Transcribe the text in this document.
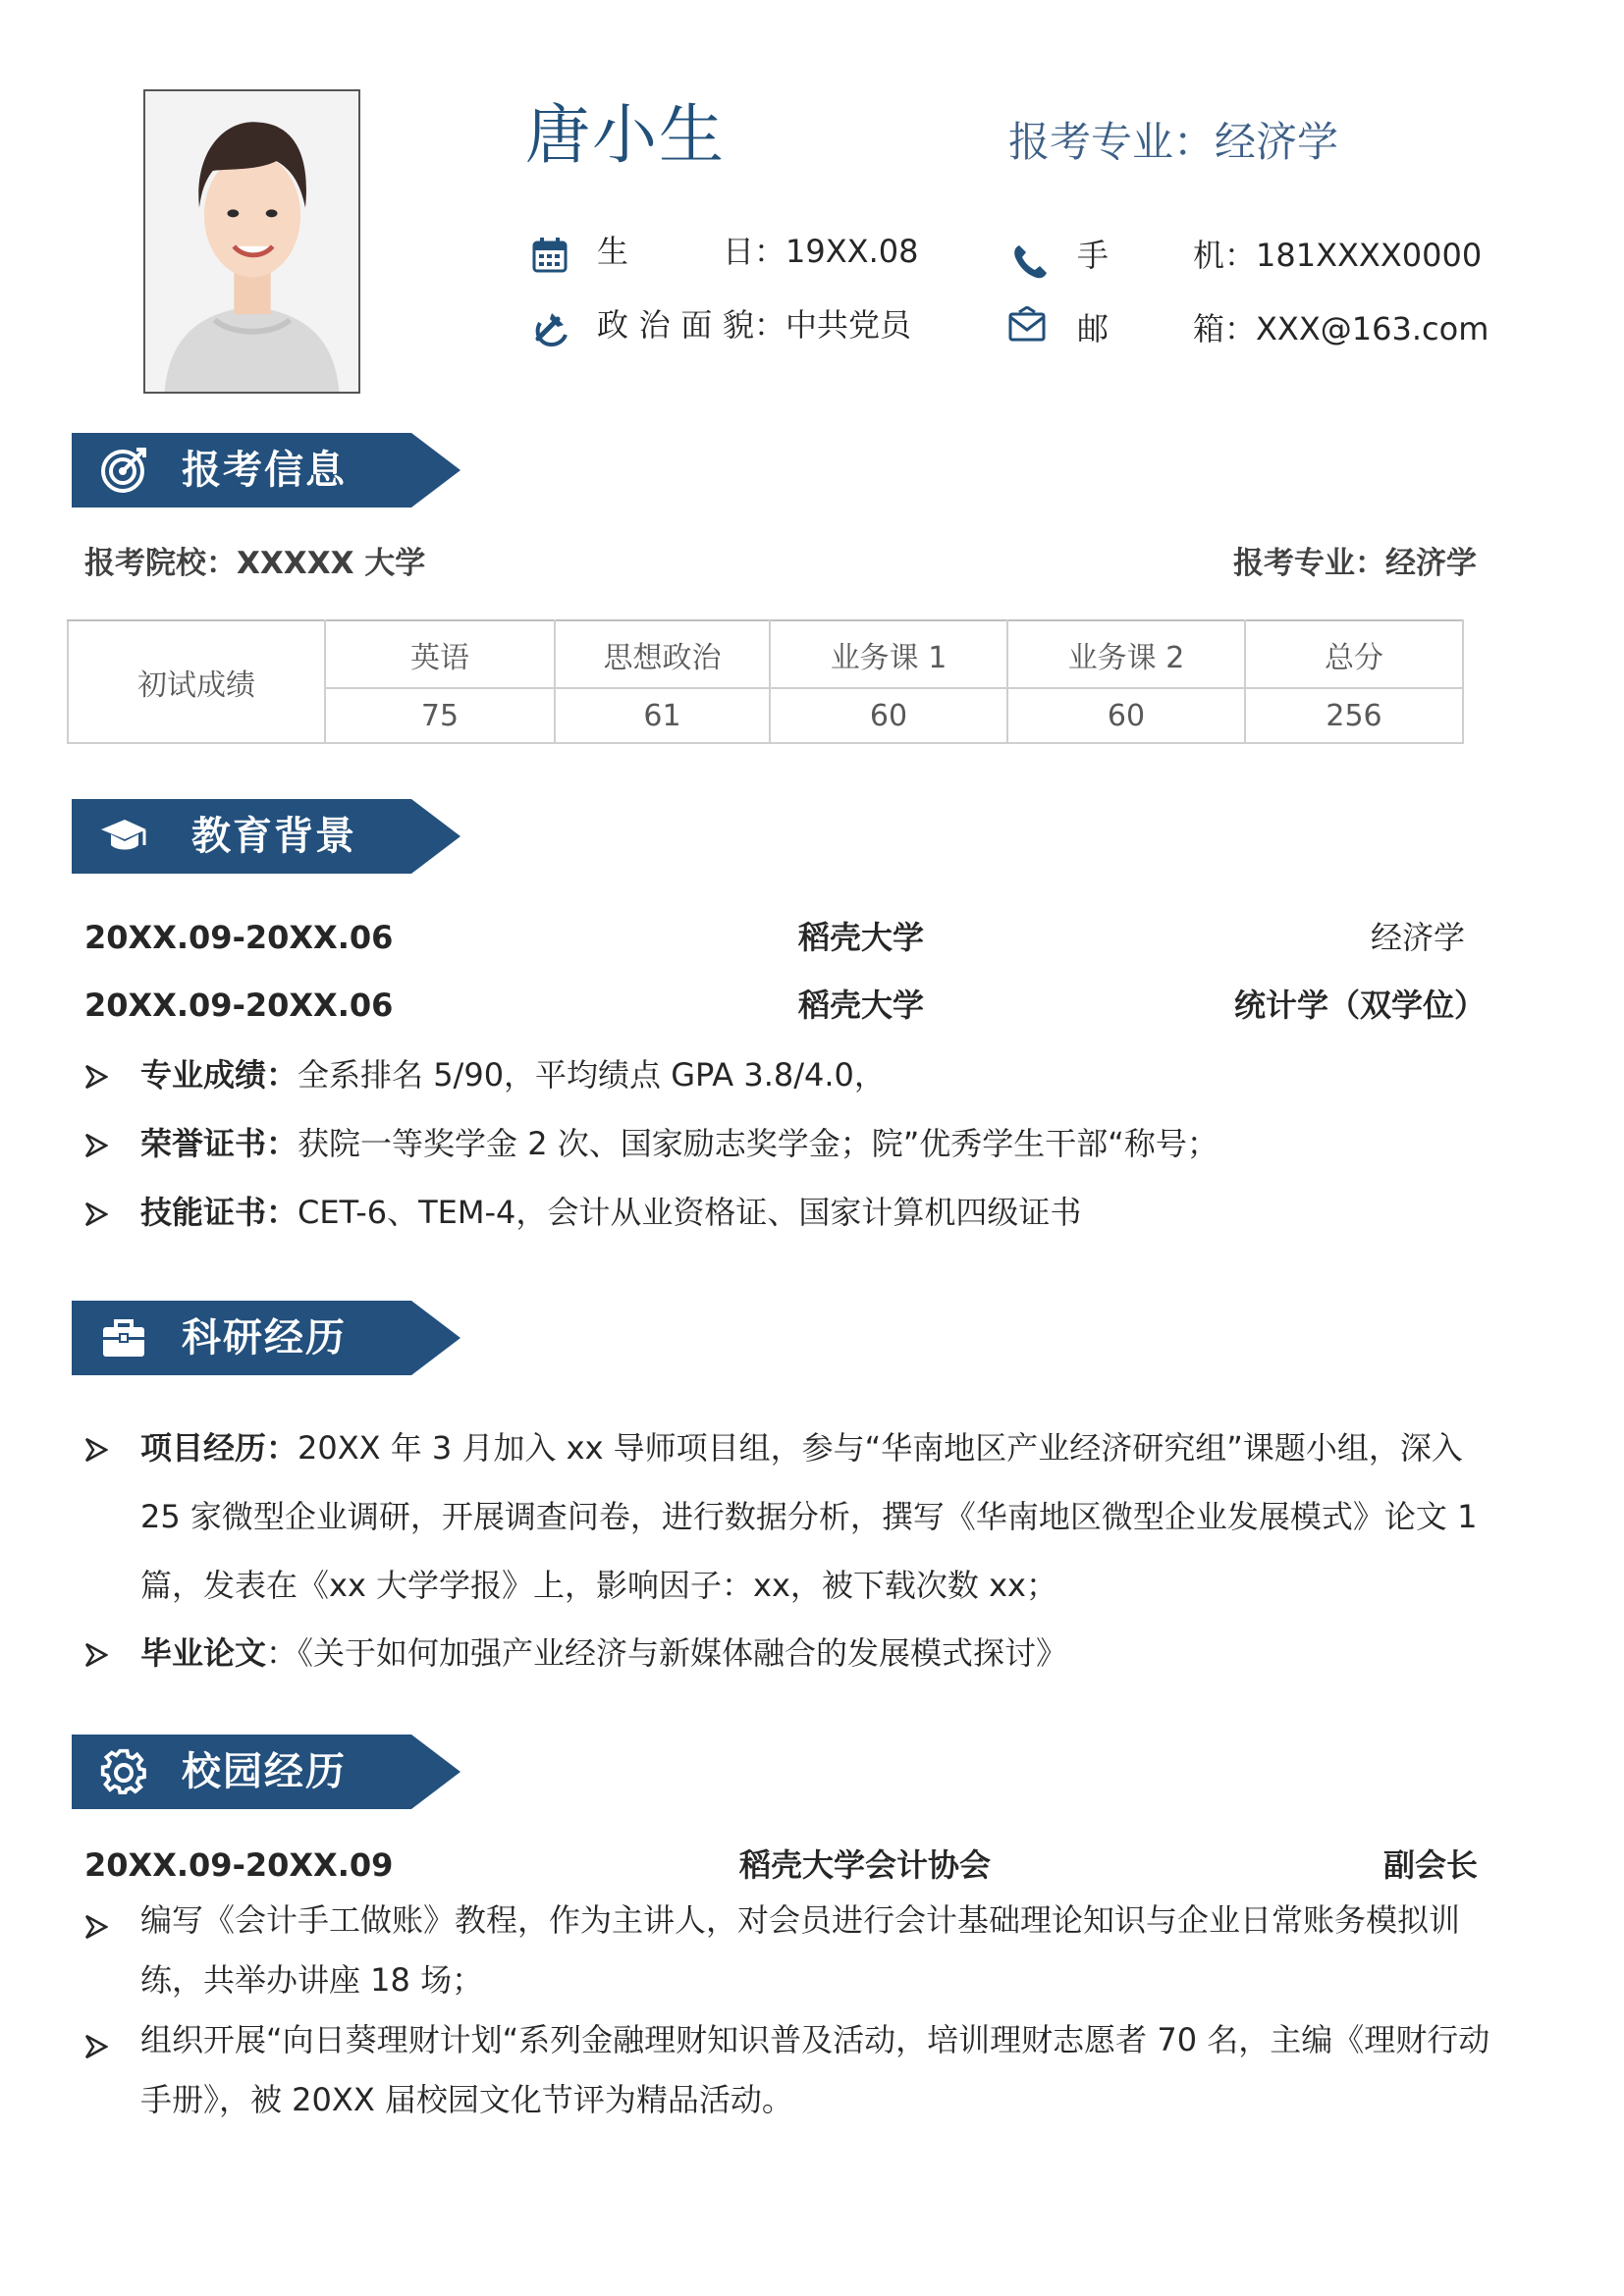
唐小生	报考专业：经济学
生 日：19XX.08
政治面貌：中共党员
手 机：181XXXX0000
邮 箱：XXX@163.com
报考信息
报考院校：XXXXX 大学	报考专业：经济学
初试成绩	英语	思想政治	业务课 1	业务课 2	总分
	75	61	60	60	256
教育背景
20XX.09-20XX.06	稻壳大学	经济学
20XX.09-20XX.06	稻壳大学	统计学（双学位）
专业成绩：全系排名 5/90，平均绩点 GPA 3.8/4.0，
荣誉证书：获院一等奖学金 2 次、国家励志奖学金；院”优秀学生干部“称号；
技能证书：CET-6、TEM-4，会计从业资格证、国家计算机四级证书
科研经历
项目经历：20XX 年 3 月加入 xx 导师项目组，参与“华南地区产业经济研究组”课题小组，深入 25 家微型企业调研，开展调查问卷，进行数据分析，撰写《华南地区微型企业发展模式》论文 1 篇，发表在《xx 大学学报》上，影响因子：xx，被下载次数 xx；
毕业论文：《关于如何加强产业经济与新媒体融合的发展模式探讨》
校园经历
20XX.09-20XX.09	稻壳大学会计协会	副会长
编写《会计手工做账》教程，作为主讲人，对会员进行会计基础理论知识与企业日常账务模拟训练，共举办讲座 18 场；
组织开展“向日葵理财计划“系列金融理财知识普及活动，培训理财志愿者 70 名，主编《理财行动手册》，被 20XX 届校园文化节评为精品活动。
